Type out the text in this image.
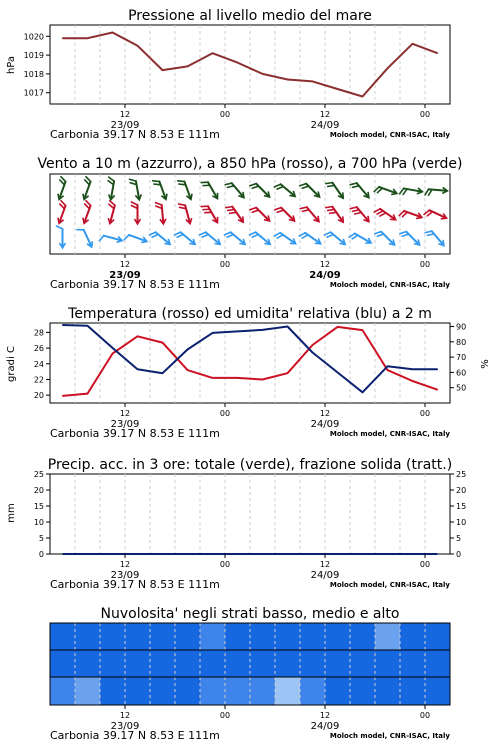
Pressione al livello medio del mare
hPa
1017
1018
1019
1020
12
23/09
00	12
24/09
00
Carbonia 39.17 N 8.53 E 111m	Moloch model, CNR-ISAC, Italy
Vento a 10 m (azzurro), a 850 hPa (rosso), a 700 hPa (verde)
12
23/09
00	12
24/09
00
Carbonia 39.17 N 8.53 E 111m	Moloch model, CNR-ISAC, Italy
Temperatura (rosso) ed umidita' relativa (blu) a 2 m
gradi C	%
20
22
24
26
28
50
60
70
80
90
12
23/09
00	12
24/09
00
Carbonia 39.17 N 8.53 E 111m	Moloch model, CNR-ISAC, Italy
Precip. acc. in 3 ore: totale (verde), frazione solida (tratt.)
mm
0
5
10
15
20
25
0
5
10
15
20
25
12
23/09
00	12
24/09
00
Carbonia 39.17 N 8.53 E 111m	Moloch model, CNR-ISAC, Italy
Nuvolosita' negli strati basso, medio e alto
12
23/09
00	12
24/09
00
Carbonia 39.17 N 8.53 E 111m	Moloch model, CNR-ISAC, Italy
